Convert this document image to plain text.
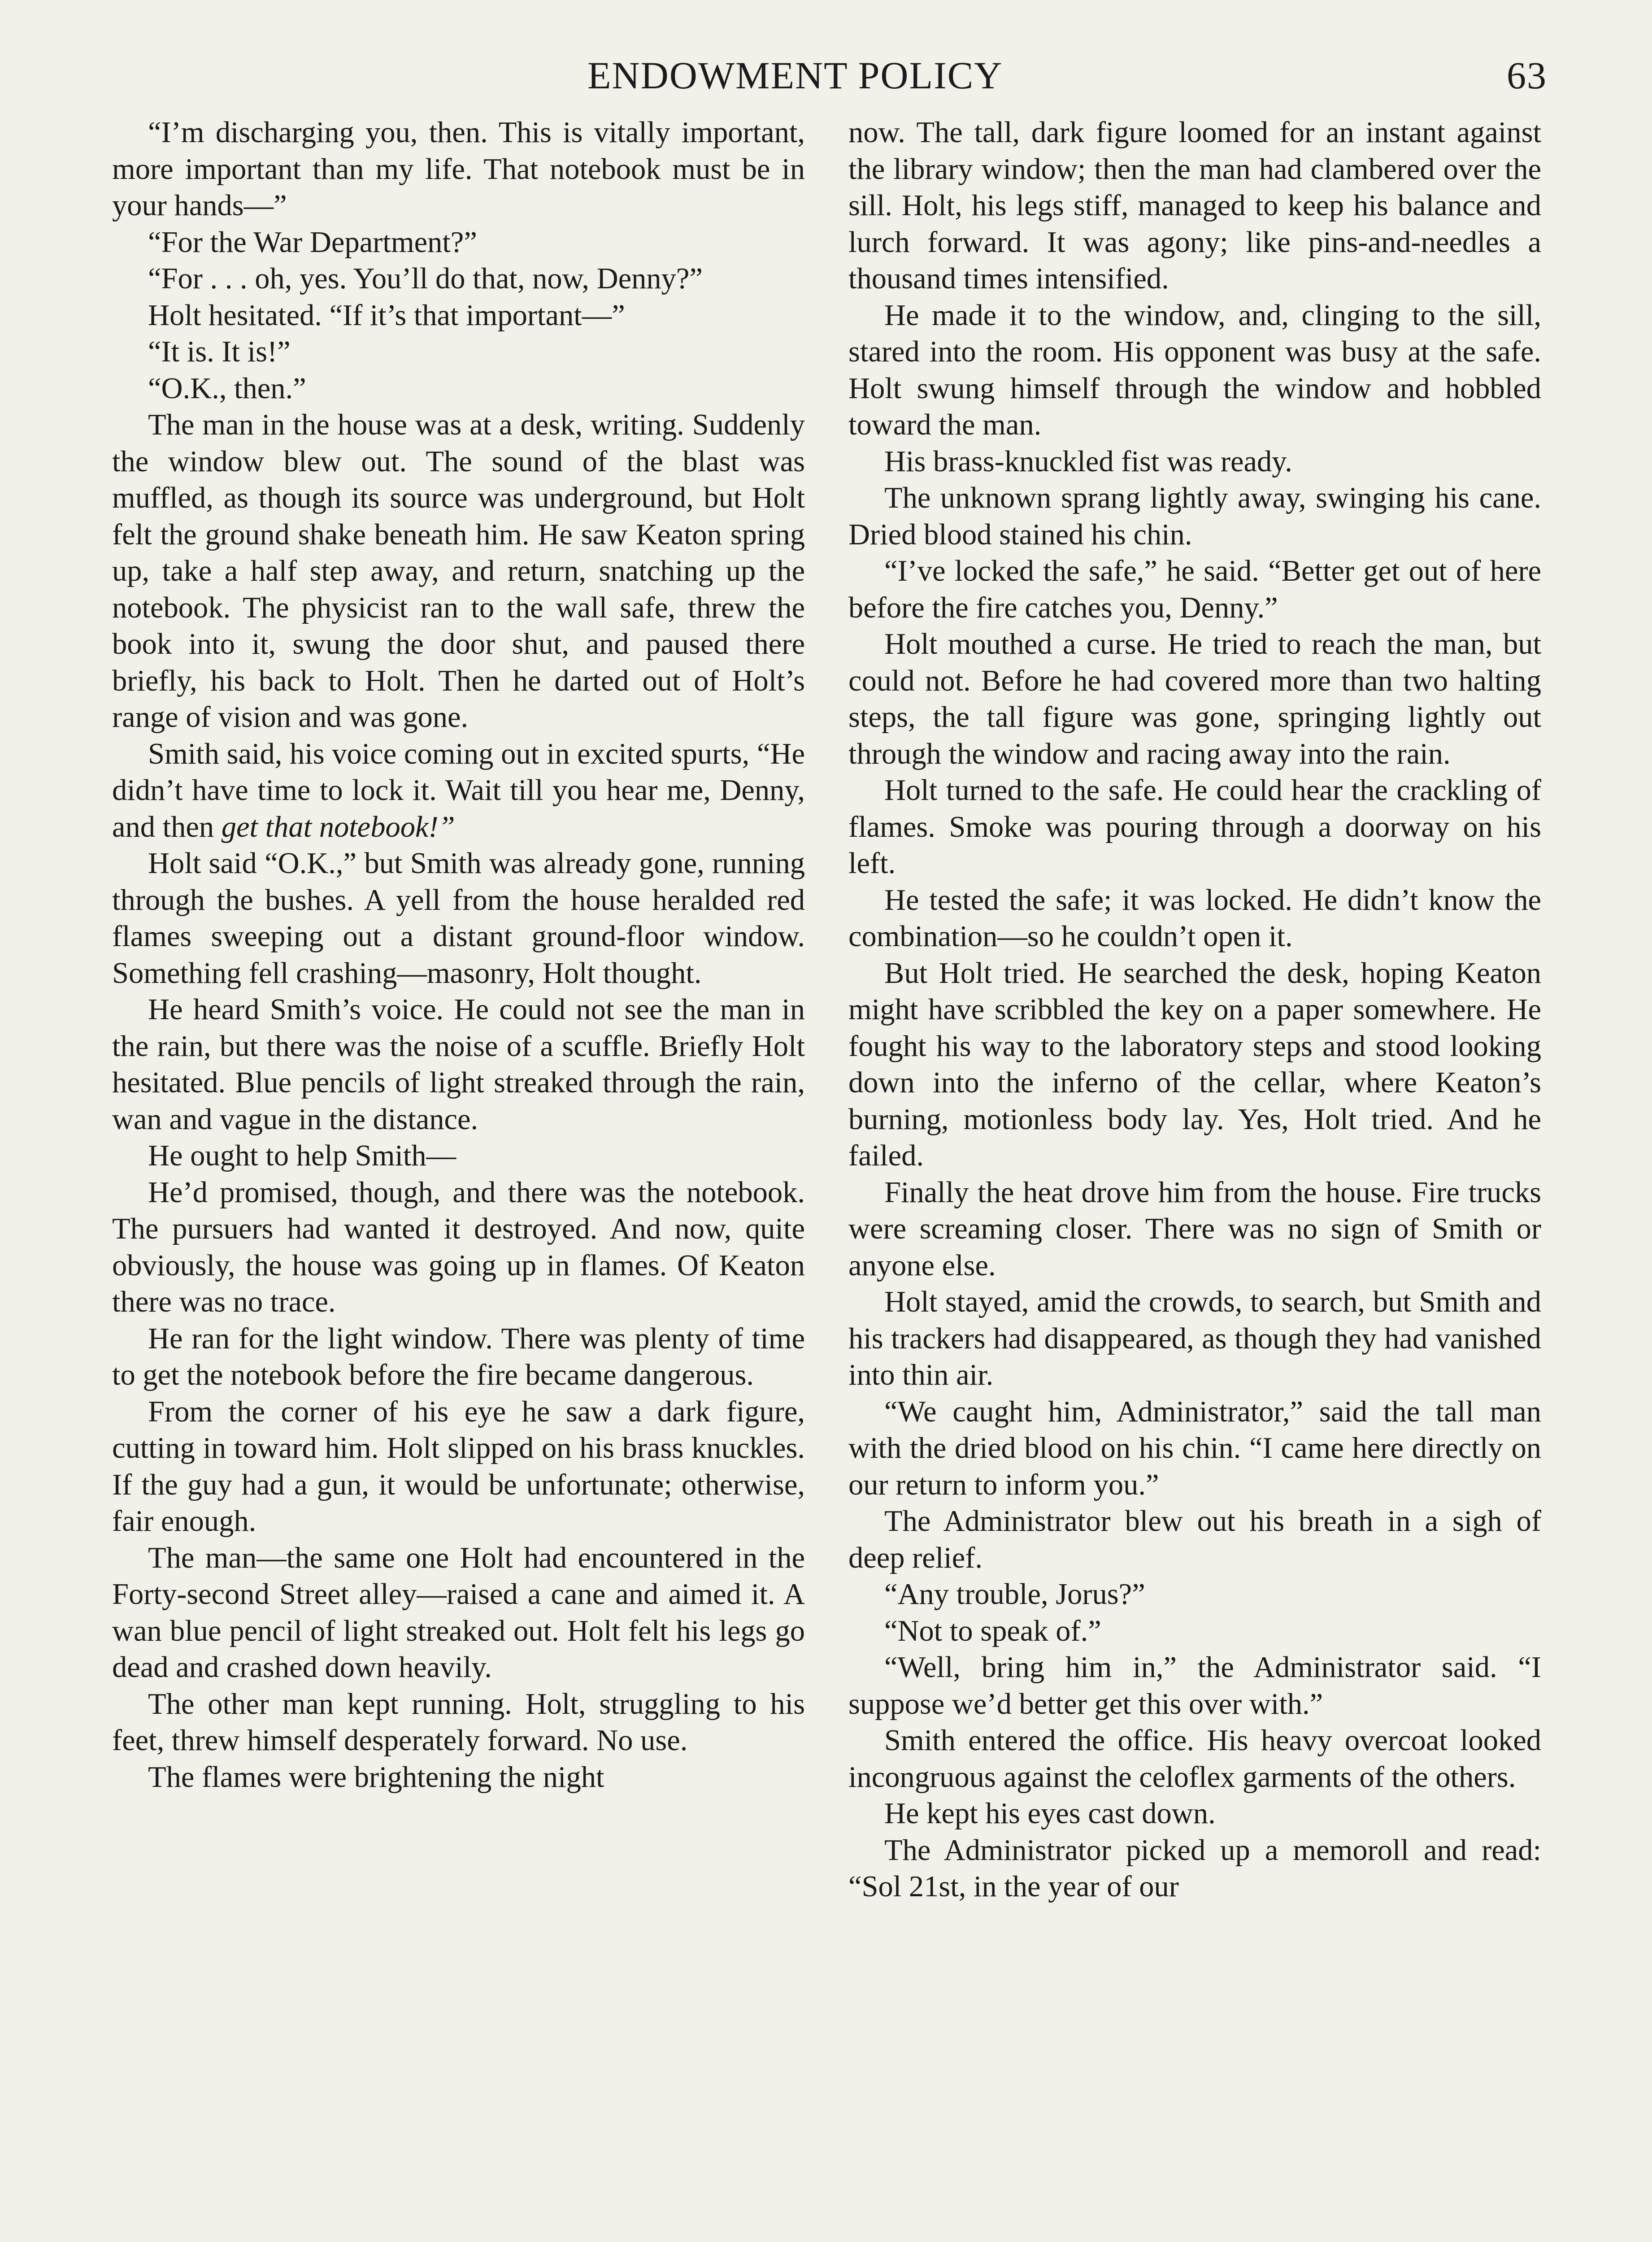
ENDOWMENT POLICY	63

“I’m discharging you, then. This is vitally important, more important than my life. That notebook must be in your hands—”

“For the War Department?”

“For . . . oh, yes. You’ll do that, now, Denny?”

Holt hesitated. “If it’s that important—”

“It is. It is!”

“O.K., then.”

The man in the house was at a desk, writing. Suddenly the window blew out. The sound of the blast was muffled, as though its source was underground, but Holt felt the ground shake beneath him. He saw Keaton spring up, take a half step away, and return, snatching up the notebook. The physicist ran to the wall safe, threw the book into it, swung the door shut, and paused there briefly, his back to Holt. Then he darted out of Holt’s range of vision and was gone.

Smith said, his voice coming out in excited spurts, “He didn’t have time to lock it. Wait till you hear me, Denny, and then get that notebook!”

Holt said “O.K.,” but Smith was already gone, running through the bushes. A yell from the house heralded red flames sweeping out a distant ground-floor window. Something fell crashing—masonry, Holt thought.

He heard Smith’s voice. He could not see the man in the rain, but there was the noise of a scuffle. Briefly Holt hesitated. Blue pencils of light streaked through the rain, wan and vague in the distance.

He ought to help Smith—

He’d promised, though, and there was the notebook. The pursuers had wanted it destroyed. And now, quite obviously, the house was going up in flames. Of Keaton there was no trace.

He ran for the light window. There was plenty of time to get the notebook before the fire became dangerous.

From the corner of his eye he saw a dark figure, cutting in toward him. Holt slipped on his brass knuckles. If the guy had a gun, it would be unfortunate; otherwise, fair enough.

The man—the same one Holt had encountered in the Forty-second Street alley—raised a cane and aimed it. A wan blue pencil of light streaked out. Holt felt his legs go dead and crashed down heavily.

The other man kept running. Holt, struggling to his feet, threw himself desperately forward. No use.

The flames were brightening the night

now. The tall, dark figure loomed for an instant against the library window; then the man had clambered over the sill. Holt, his legs stiff, managed to keep his balance and lurch forward. It was agony; like pins-and-needles a thousand times intensified.

He made it to the window, and, clinging to the sill, stared into the room. His opponent was busy at the safe. Holt swung himself through the window and hobbled toward the man.

His brass-knuckled fist was ready.

The unknown sprang lightly away, swinging his cane. Dried blood stained his chin.

“I’ve locked the safe,” he said. “Better get out of here before the fire catches you, Denny.”

Holt mouthed a curse. He tried to reach the man, but could not. Before he had covered more than two halting steps, the tall figure was gone, springing lightly out through the window and racing away into the rain.

Holt turned to the safe. He could hear the crackling of flames. Smoke was pouring through a doorway on his left.

He tested the safe; it was locked. He didn’t know the combination—so he couldn’t open it.

But Holt tried. He searched the desk, hoping Keaton might have scribbled the key on a paper somewhere. He fought his way to the laboratory steps and stood looking down into the inferno of the cellar, where Keaton’s burning, motionless body lay. Yes, Holt tried. And he failed.

Finally the heat drove him from the house. Fire trucks were screaming closer. There was no sign of Smith or anyone else.

Holt stayed, amid the crowds, to search, but Smith and his trackers had disappeared, as though they had vanished into thin air.

“We caught him, Administrator,” said the tall man with the dried blood on his chin. “I came here directly on our return to inform you.”

The Administrator blew out his breath in a sigh of deep relief.

“Any trouble, Jorus?”

“Not to speak of.”

“Well, bring him in,” the Administrator said. “I suppose we’d better get this over with.”

Smith entered the office. His heavy overcoat looked incongruous against the celoflex garments of the others.

He kept his eyes cast down.

The Administrator picked up a memoroll and read: “Sol 21st, in the year of our
